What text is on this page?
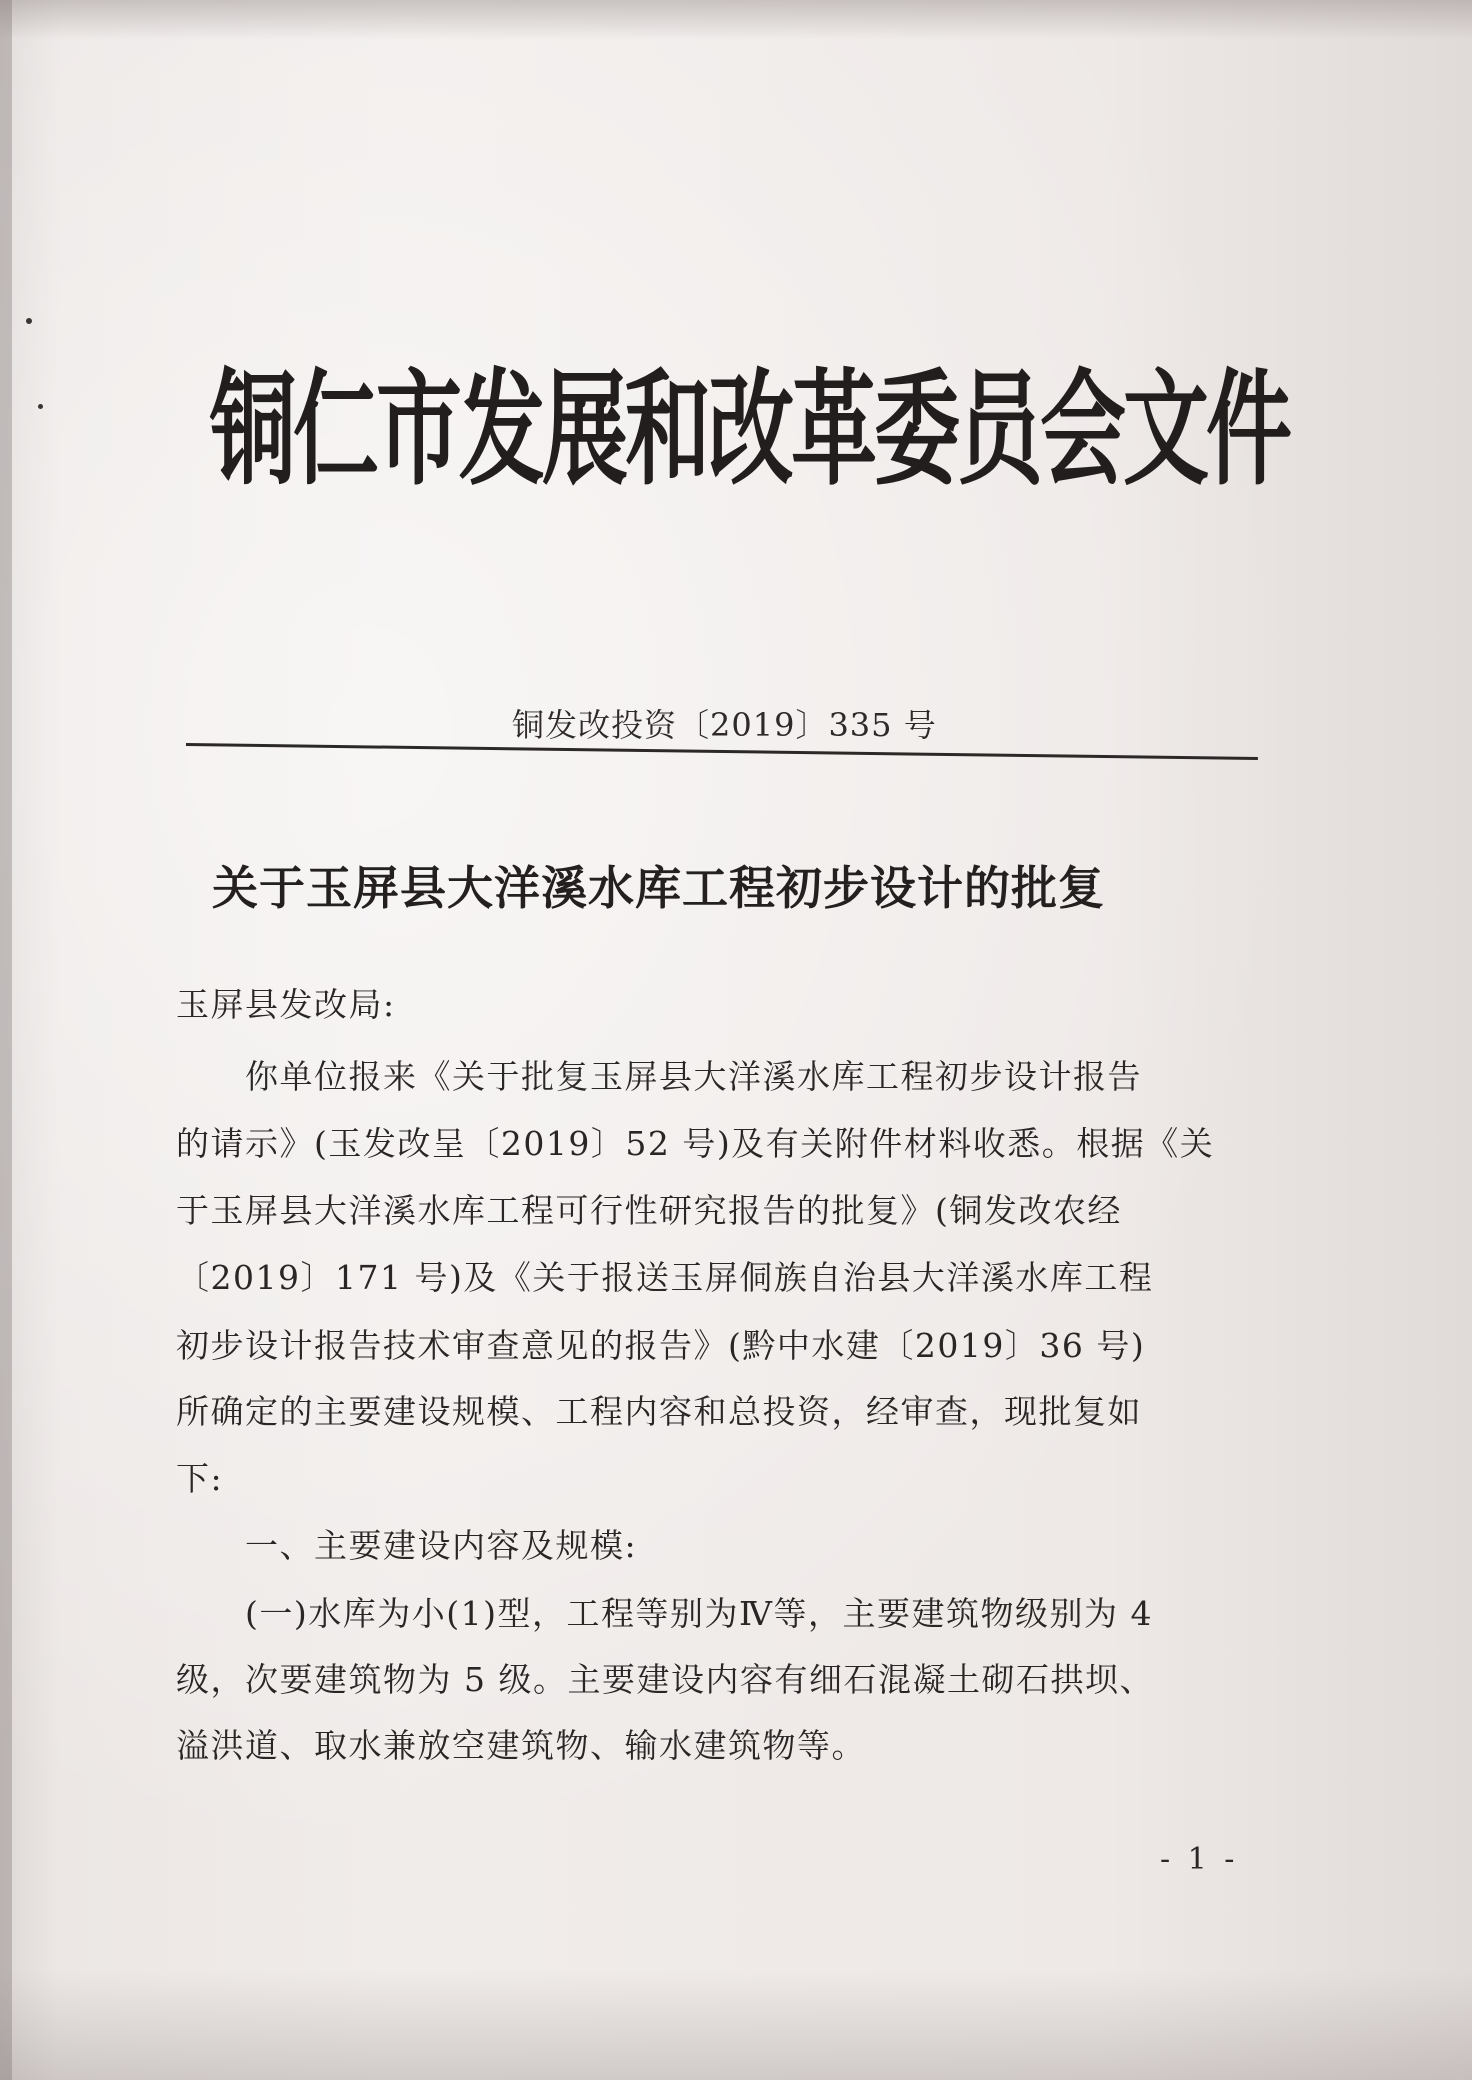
铜仁市发展和改革委员会文件
铜发改投资〔2019〕335 号
关于玉屏县大洋溪水库工程初步设计的批复
玉屏县发改局:
　　你单位报来《关于批复玉屏县大洋溪水库工程初步设计报告
的请示》(玉发改呈〔2019〕52 号)及有关附件材料收悉。根据《关
于玉屏县大洋溪水库工程可行性研究报告的批复》(铜发改农经
〔2019〕171 号)及《关于报送玉屏侗族自治县大洋溪水库工程
初步设计报告技术审查意见的报告》(黔中水建〔2019〕36 号)
所确定的主要建设规模、工程内容和总投资，经审查，现批复如
下:
　　一、主要建设内容及规模:
　　(一)水库为小(1)型，工程等别为Ⅳ等，主要建筑物级别为 4
级，次要建筑物为 5 级。主要建设内容有细石混凝土砌石拱坝、
溢洪道、取水兼放空建筑物、输水建筑物等。
- 1 -
